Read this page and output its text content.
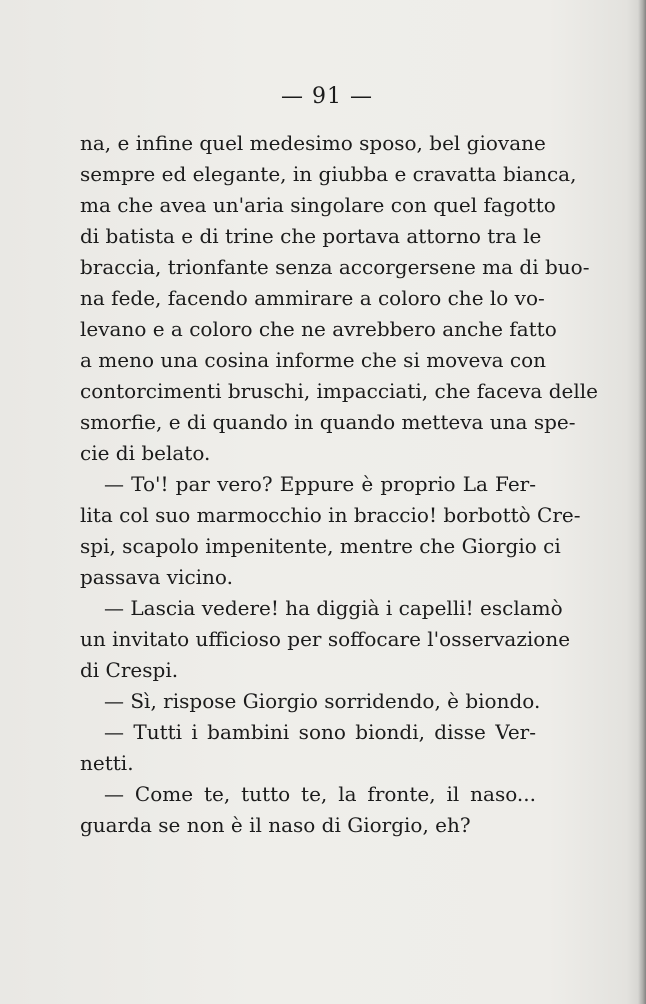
— 91 —
na, e infine quel medesimo sposo, bel giovane
sempre ed elegante, in giubba e cravatta bianca,
ma che avea un'aria singolare con quel fagotto
di batista e di trine che portava attorno tra le
braccia, trionfante senza accorgersene ma di buo-
na fede, facendo ammirare a coloro che lo vo-
levano e a coloro che ne avrebbero anche fatto
a meno una cosina informe che si moveva con
contorcimenti bruschi, impacciati, che faceva delle
smorfie, e di quando in quando metteva una spe-
cie di belato.
— To'! par vero? Eppure è proprio La Fer-
lita col suo marmocchio in braccio! borbottò Cre-
spi, scapolo impenitente, mentre che Giorgio ci
passava vicino.
— Lascia vedere! ha diggià i capelli! esclamò
un invitato ufficioso per soffocare l'osservazione
di Crespi.
— Sì, rispose Giorgio sorridendo, è biondo.
— Tutti i bambini sono biondi, disse Ver-
netti.
— Come te, tutto te, la fronte, il naso...
guarda se non è il naso di Giorgio, eh?
